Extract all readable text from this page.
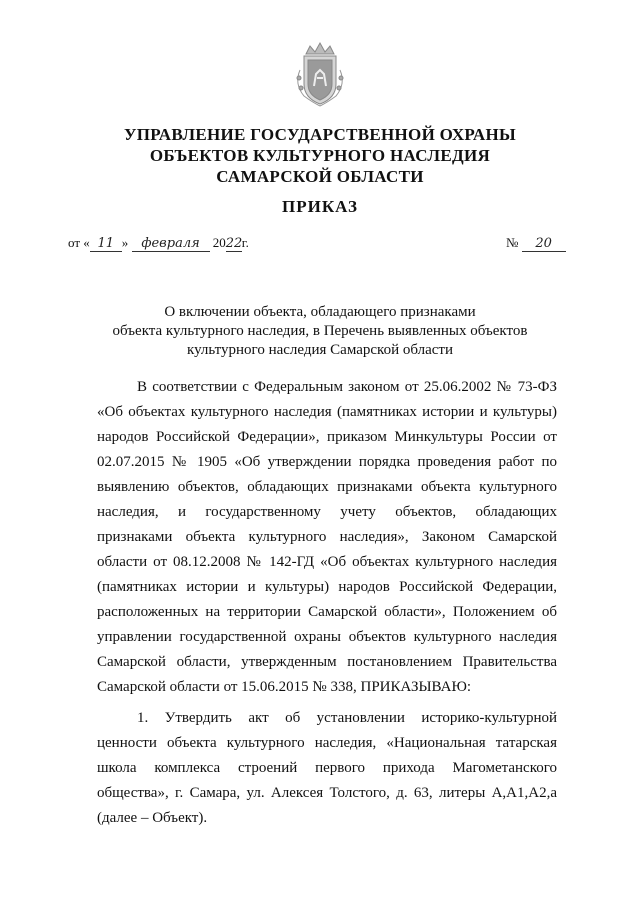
УПРАВЛЕНИЕ ГОСУДАРСТВЕННОЙ ОХРАНЫ
ОБЪЕКТОВ КУЛЬТУРНОГО НАСЛЕДИЯ
САМАРСКОЙ ОБЛАСТИ
ПРИКАЗ
от « 11 » февраля 2022г.	№ 20
О включении объекта, обладающего признаками
объекта культурного наследия, в Перечень выявленных объектов
культурного наследия Самарской области

В соответствии с Федеральным законом от 25.06.2002 № 73-ФЗ «Об объектах культурного наследия (памятниках истории и культуры) народов Российской Федерации», приказом Минкультуры России от 02.07.2015 № 1905 «Об утверждении порядка проведения работ по выявлению объектов, обладающих признаками объекта культурного наследия, и государственному учету объектов, обладающих признаками объекта культурного наследия», Законом Самарской области от 08.12.2008 № 142-ГД «Об объектах культурного наследия (памятниках истории и культуры) народов Российской Федерации, расположенных на территории Самарской области», Положением об управлении государственной охраны объектов культурного наследия Самарской области, утвержденным постановлением Правительства Самарской области от 15.06.2015 № 338, ПРИКАЗЫВАЮ:

1. Утвердить акт об установлении историко-культурной ценности объекта культурного наследия, «Национальная татарская школа комплекса строений первого прихода Магометанского общества», г. Самара, ул. Алексея Толстого, д. 63, литеры А,А1,А2,а (далее – Объект).
